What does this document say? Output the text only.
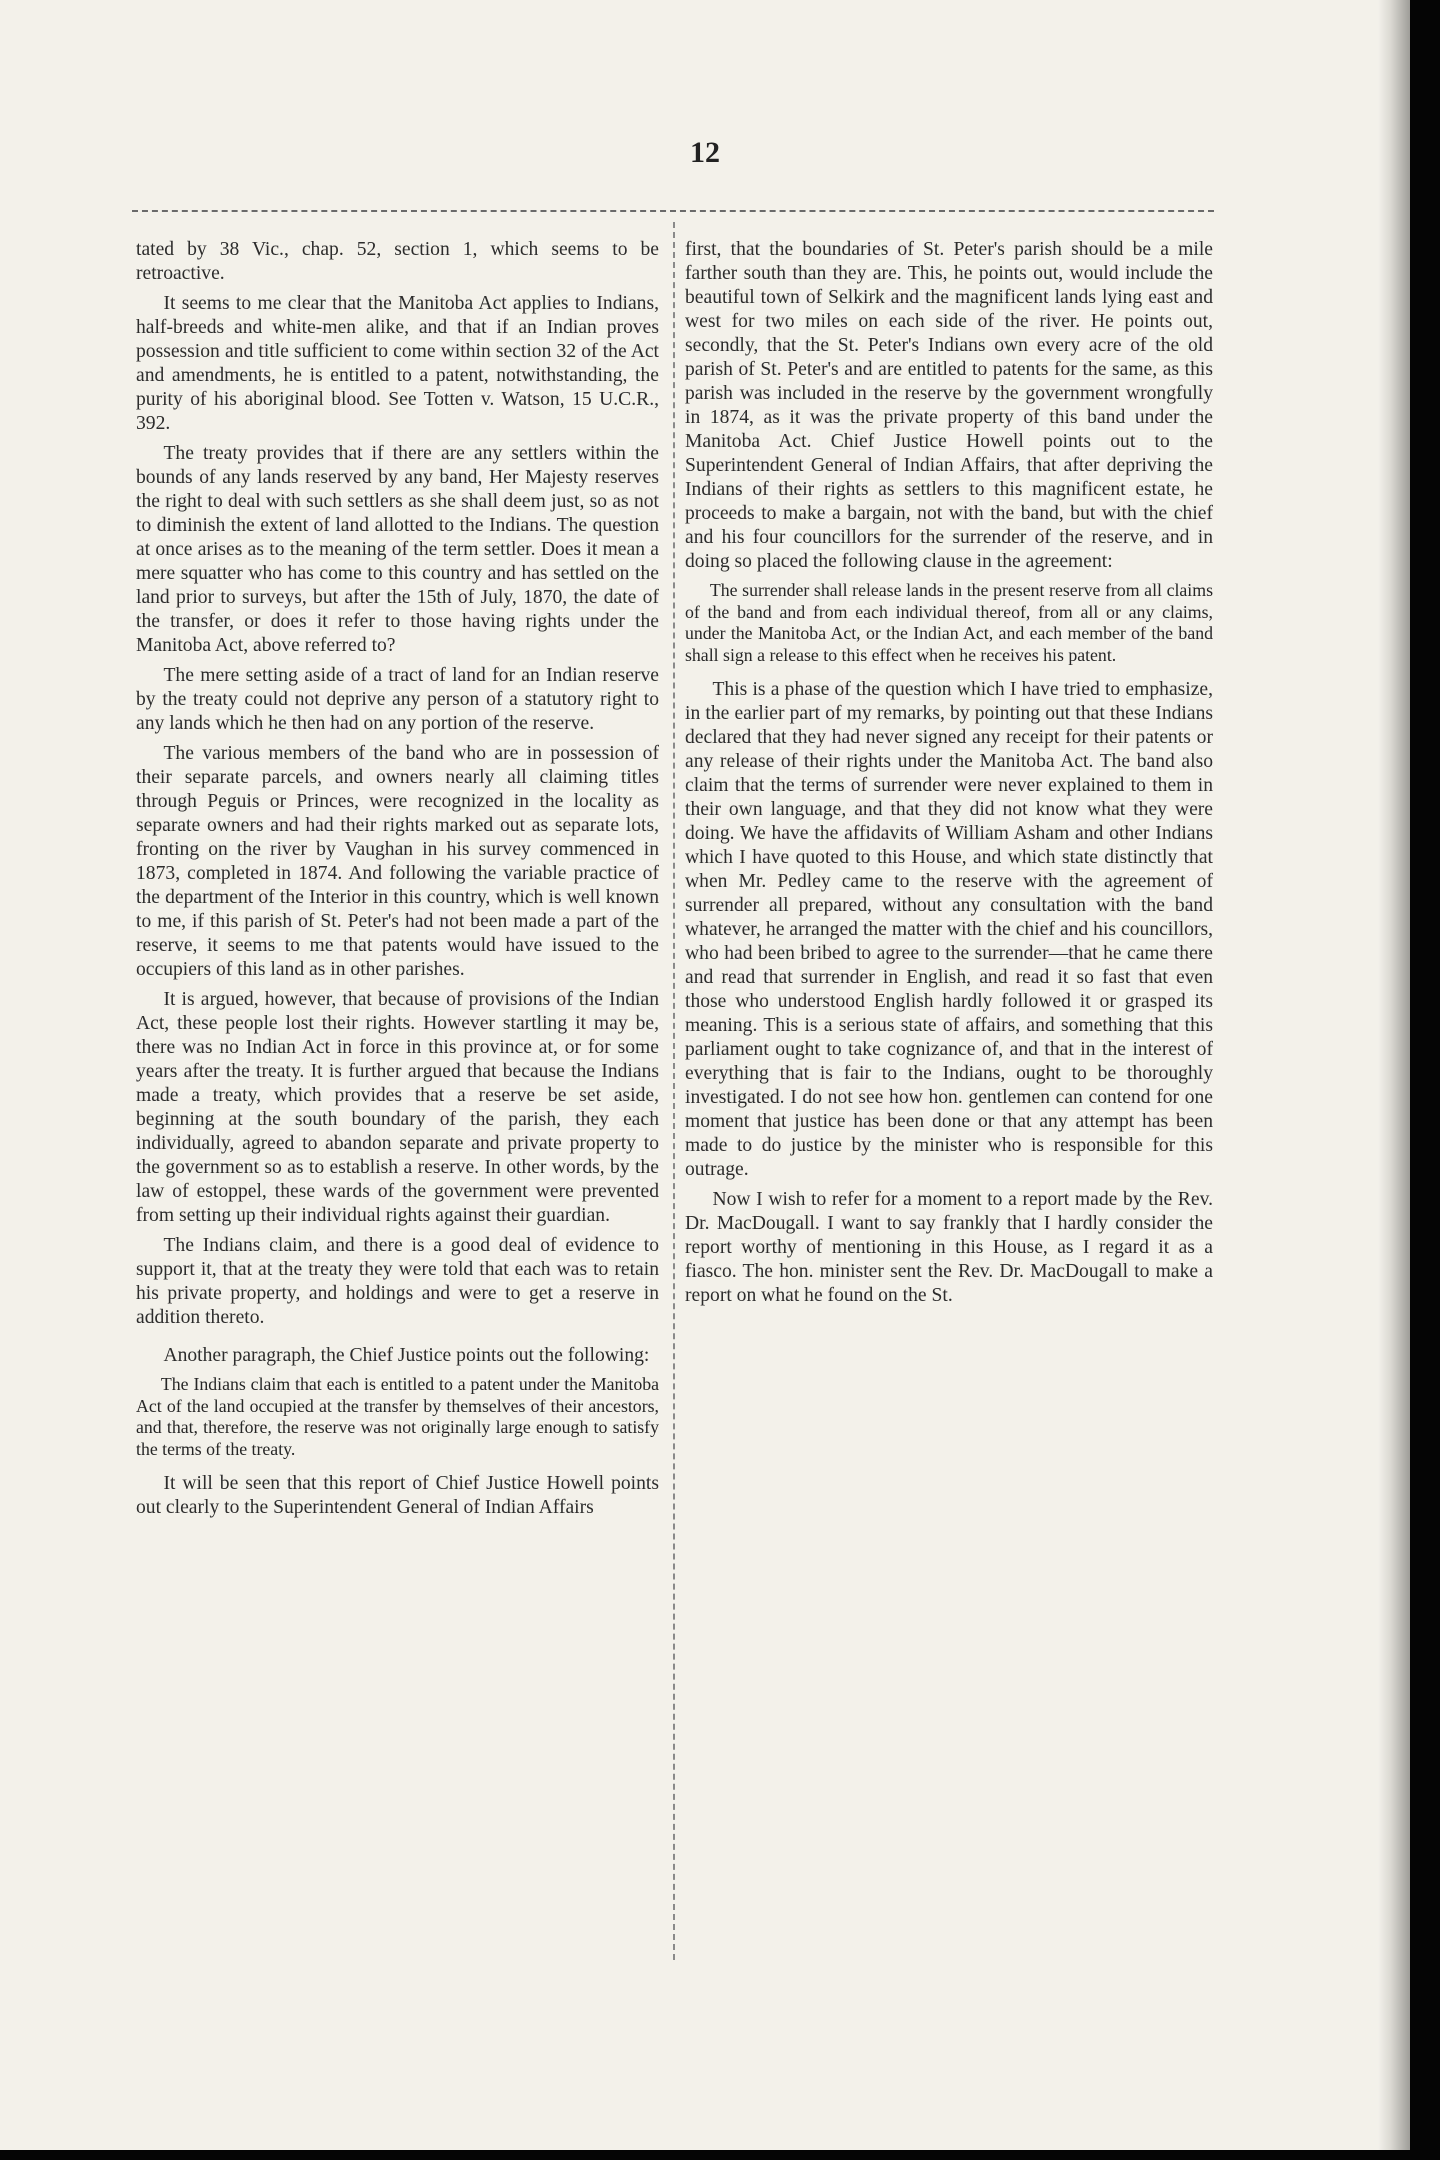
12

tated by 38 Vic., chap. 52, section 1, which seems to be retroactive.

It seems to me clear that the Manitoba Act applies to Indians, half-breeds and white-men alike, and that if an Indian proves possession and title sufficient to come within section 32 of the Act and amendments, he is entitled to a patent, notwithstanding, the purity of his aboriginal blood. See Totten v. Watson, 15 U.C.R., 392.

The treaty provides that if there are any settlers within the bounds of any lands reserved by any band, Her Majesty reserves the right to deal with such settlers as she shall deem just, so as not to diminish the extent of land allotted to the Indians. The question at once arises as to the meaning of the term settler. Does it mean a mere squatter who has come to this country and has settled on the land prior to surveys, but after the 15th of July, 1870, the date of the transfer, or does it refer to those having rights under the Manitoba Act, above referred to?

The mere setting aside of a tract of land for an Indian reserve by the treaty could not deprive any person of a statutory right to any lands which he then had on any portion of the reserve.

The various members of the band who are in possession of their separate parcels, and owners nearly all claiming titles through Peguis or Princes, were recognized in the locality as separate owners and had their rights marked out as separate lots, fronting on the river by Vaughan in his survey commenced in 1873, completed in 1874. And following the variable practice of the department of the Interior in this country, which is well known to me, if this parish of St. Peter's had not been made a part of the reserve, it seems to me that patents would have issued to the occupiers of this land as in other parishes.

It is argued, however, that because of provisions of the Indian Act, these people lost their rights. However startling it may be, there was no Indian Act in force in this province at, or for some years after the treaty. It is further argued that because the Indians made a treaty, which provides that a reserve be set aside, beginning at the south boundary of the parish, they each individually, agreed to abandon separate and private property to the government so as to establish a reserve. In other words, by the law of estoppel, these wards of the government were prevented from setting up their individual rights against their guardian.

The Indians claim, and there is a good deal of evidence to support it, that at the treaty they were told that each was to retain his private property, and holdings and were to get a reserve in addition thereto.

Another paragraph, the Chief Justice points out the following:

The Indians claim that each is entitled to a patent under the Manitoba Act of the land occupied at the transfer by themselves of their ancestors, and that, therefore, the reserve was not originally large enough to satisfy the terms of the treaty.

It will be seen that this report of Chief Justice Howell points out clearly to the Superintendent General of Indian Affairs

first, that the boundaries of St. Peter's parish should be a mile farther south than they are. This, he points out, would include the beautiful town of Selkirk and the magnificent lands lying east and west for two miles on each side of the river. He points out, secondly, that the St. Peter's Indians own every acre of the old parish of St. Peter's and are entitled to patents for the same, as this parish was included in the reserve by the government wrongfully in 1874, as it was the private property of this band under the Manitoba Act. Chief Justice Howell points out to the Superintendent General of Indian Affairs, that after depriving the Indians of their rights as settlers to this magnificent estate, he proceeds to make a bargain, not with the band, but with the chief and his four councillors for the surrender of the reserve, and in doing so placed the following clause in the agreement:

The surrender shall release lands in the present reserve from all claims of the band and from each individual thereof, from all or any claims, under the Manitoba Act, or the Indian Act, and each member of the band shall sign a release to this effect when he receives his patent.

This is a phase of the question which I have tried to emphasize, in the earlier part of my remarks, by pointing out that these Indians declared that they had never signed any receipt for their patents or any release of their rights under the Manitoba Act. The band also claim that the terms of surrender were never explained to them in their own language, and that they did not know what they were doing. We have the affidavits of William Asham and other Indians which I have quoted to this House, and which state distinctly that when Mr. Pedley came to the reserve with the agreement of surrender all prepared, without any consultation with the band whatever, he arranged the matter with the chief and his councillors, who had been bribed to agree to the surrender—that he came there and read that surrender in English, and read it so fast that even those who understood English hardly followed it or grasped its meaning. This is a serious state of affairs, and something that this parliament ought to take cognizance of, and that in the interest of everything that is fair to the Indians, ought to be thoroughly investigated. I do not see how hon. gentlemen can contend for one moment that justice has been done or that any attempt has been made to do justice by the minister who is responsible for this outrage.

Now I wish to refer for a moment to a report made by the Rev. Dr. MacDougall. I want to say frankly that I hardly consider the report worthy of mentioning in this House, as I regard it as a fiasco. The hon. minister sent the Rev. Dr. MacDougall to make a report on what he found on the St.
